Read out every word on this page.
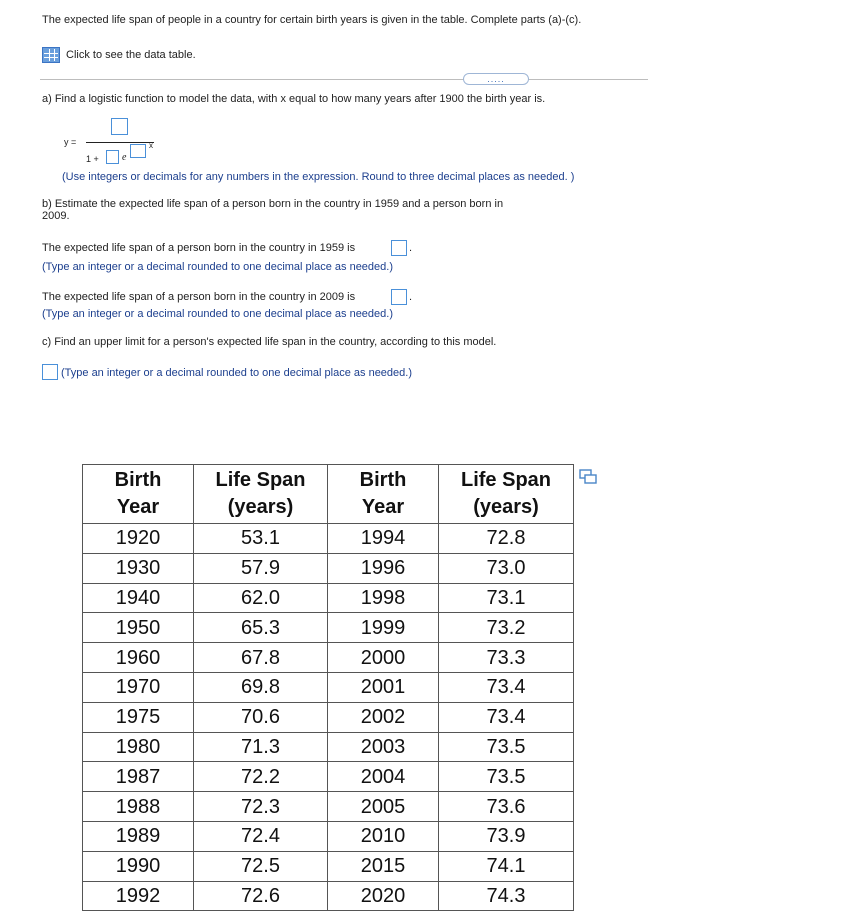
The expected life span of people in a country for certain birth years is given in the table. Complete parts (a)-(c).
Click to see the data table.
.....
a) Find a logistic function to model the data, with x equal to how many years after 1900 the birth year is.
y =
1 + e
x
(Use integers or decimals for any numbers in the expression. Round to three decimal places as needed. )
b) Estimate the expected life span of a person born in the country in 1959 and a person born in
2009.
The expected life span of a person born in the country in 1959 is	.
(Type an integer or a decimal rounded to one decimal place as needed.)
The expected life span of a person born in the country in 2009 is	.
(Type an integer or a decimal rounded to one decimal place as needed.)
c) Find an upper limit for a person's expected life span in the country, according to this model.
(Type an integer or a decimal rounded to one decimal place as needed.)
Birth
Year	Life Span
(years)	Birth
Year	Life Span
(years)
1920	53.1	1994	72.8
1930	57.9	1996	73.0
1940	62.0	1998	73.1
1950	65.3	1999	73.2
1960	67.8	2000	73.3
1970	69.8	2001	73.4
1975	70.6	2002	73.4
1980	71.3	2003	73.5
1987	72.2	2004	73.5
1988	72.3	2005	73.6
1989	72.4	2010	73.9
1990	72.5	2015	74.1
1992	72.6	2020	74.3
